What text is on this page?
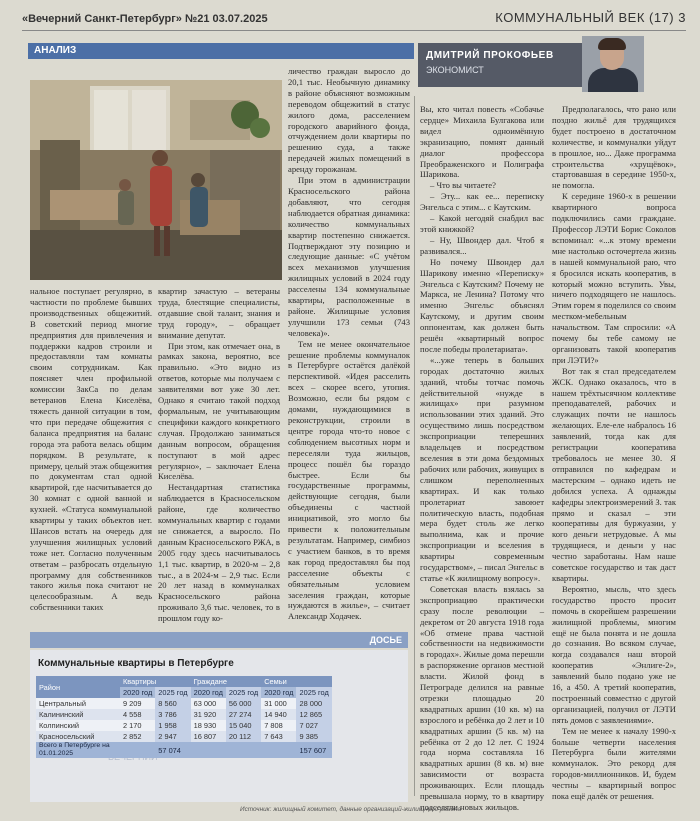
«Вечерний Санкт-Петербург» №21 03.07.2025	КОММУНАЛЬНЫЙ ВЕК (17) 3
АНАЛИЗ	ДМИТРИЙ ПРОКОФЬЕВ
ЭКОНОМИСТ

нальное поступает регулярно, в частности по проблеме бывших производственных общежитий. В советский период многие предприятия для привлечения и поддержки кадров строили и предоставляли там комнаты своим сотрудникам. Как поясняет член профильной комиссии ЗакСа по делам ветеранов Елена Киселёва, тяжесть данной ситуации в том, что при передаче общежития с баланса предприятия на баланс города эта работа велась общим порядком. В результате, к примеру, целый этаж общежития по документам стал одной квартирой, где насчитывается до 30 комнат с одной ванной и кухней. «Статуса коммунальной квартиры у таких объектов нет. Шансов встать на очередь для улучшения жилищных условий тоже нет. Согласно полученным ответам – разбросать отдельную программу для собственников такого жилья пока считают не целесообразным. А ведь собственники таких

квартир зачастую – ветераны труда, блестящие специалисты, отдавшие свой талант, знания и труд городу», – обращает внимание депутат.

При этом, как отмечает она, в рамках закона, вероятно, все правильно. «Это видно из ответов, которые мы получаем с заявителями вот уже 30 лет. Однако я считаю такой подход формальным, не учитывающим специфики каждого конкретного случая. Продолжаю заниматься данным вопросом, обращения поступают в мой адрес регулярно», – заключает Елена Киселёва.

Нестандартная статистика наблюдается в Красносельском районе, где количество коммунальных квартир с годами не снижается, а выросло. По данным Красносельского РЖА, в 2005 году здесь насчитывалось 1,1 тыс. квартир, в 2020-м – 2,8 тыс., а в 2024-м – 2,9 тыс. Если 20 лет назад в коммуналках Красносельского района проживало 3,6 тыс. человек, то в прошлом году ко-

личество граждан выросло до 20,1 тыс. Необычную динамику в районе объясняют возможным переводом общежитий в статус жилого дома, расселением городского аварийного фонда, отчуждением доли квартиры по решению суда, а также передачей жилых помещений в аренду горожанам.

При этом в администрации Красносельского района добавляют, что сегодня наблюдается обратная динамика: количество коммунальных квартир постепенно снижается. Подтверждают эту позицию и следующие данные: «С учётом всех механизмов улучшения жилищных условий в 2024 году расселены 134 коммунальные квартиры, расположенные в районе. Жилищные условия улучшили 173 семьи (743 человека)».

Тем не менее окончательное решение проблемы коммуналок в Петербурге остаётся далёкой перспективой. «Идея расселить всех – скорее всего, утопия. Возможно, если бы рядом с домами, нуждающимися в реконструкции, строили в центре города что-то новое с соблюдением высотных норм и переселяли туда жильцов, процесс пошёл бы гораздо быстрее. Если бы государственные программы, действующие сегодня, были объединены с частной инициативой, это могло бы привести к положительным результатам. Например, симбиоз с участием банков, в то время как город предоставлял бы под расселение объекты с обязательным условием заселения граждан, которые нуждаются в жилье», – считает Александр Ходачек.

Вы, кто читал повесть «Собачье сердце» Михаила Булгакова или видел одноимённую экранизацию, помнят данный диалог профессора Преображенского и Полиграфа Шарикова.

– Что вы читаете?

– Эту... как ее... переписку Энгельса с этим... с Каутским.

– Какой негодяй снабдил вас этой книжкой?

– Ну, Швондер дал. Чтоб я развивался...

Но почему Швондер дал Шарикову именно «Переписку» Энгельса с Каутским? Почему не Маркса, не Ленина? Потому что именно Энгельс объяснял Каутскому, и другим своим оппонентам, как должен быть решён «квартирный вопрос после победы пролетариата».

«...уже теперь в больших городах достаточно жилых зданий, чтобы тотчас помочь действительной «нужде в жилищах» при разумном использовании этих зданий. Это осуществимо лишь посредством экспроприации теперешних владельцев и посредством вселения в эти дома бездомных рабочих или рабочих, живущих в слишком переполненных квартирах. И как только пролетариат завоюет политическую власть, подобная мера будет столь же легко выполнима, как и прочие экспроприации и вселения в квартиры современным государством», – писал Энгельс в статье «К жилищному вопросу».

Советская власть взялась за экспроприацию практически сразу после революции – декретом от 20 августа 1918 года «Об отмене права частной собственности на недвижимости в городах». Жилые дома перешли в распоряжение органов местной власти. Жилой фонд в Петрограде делился на равные отрезки площадью 20 квадратных аршин (10 кв. м) на взрослого и ребёнка до 2 лет и 10 квадратных аршин (5 кв. м) на ребёнка от 2 до 12 лет. С 1924 года норма составляла 16 квадратных аршин (8 кв. м) вне зависимости от возраста проживающих. Если площадь превышала норму, то в квартиру подселяли новых жильцов.

Предполагалось, что рано или поздно жильё для трудящихся будет построено в достаточном количестве, и коммуналки уйдут в прошлое, но... Даже программа строительства «хрущёвок», стартовавшая в середине 1950-х, не помогла.

К середине 1960-х в решении квартирного вопроса подключились сами граждане. Профессор ЛЭТИ Борис Соколов вспоминал: «...к этому времени мне настолько осточертела жизнь в нашей коммунальной раю, что я бросился искать кооператив, в который можно вступить. Увы, ничего подходящего не нашлось. Этим горем я поделился со своим местком-мебельным начальством. Там спросили: «А почему бы тебе самому не организовать такой кооператив при ЛЭТИ?»

Вот так я стал председателем ЖСК. Однако оказалось, что в нашем трёхтысячном коллективе преподавателей, рабочих и служащих почти не нашлось желающих. Еле-еле набралось 16 заявлений, тогда как для регистрации кооператива требовалось не менее 30. Я отправился по кафедрам и мастерским – однако идеть не добился успеха. А однажды кафедры электроизмерений З. так прямо и сказал – эти кооперативы для буржуазии, у кого деньги нетрудовые. А мы трудящиеся, и деньги у нас честно заработаны. Нам наше советское государство и так даст квартиры.

Вероятно, мысль, что здесь государство просто просит помочь в скорейшем разрешении жилищной проблемы, многим ещё не была понята и не дошла до сознания. Во всяком случае, когда создавался наш второй кооператив «Энлиге-2», заявлений было подано уже не 16, а 450. А третий кооператив, построенный совместно с другой организацией, получил от ЛЭТИ пять домов с заявлениями».

Тем не менее к началу 1990-х больше четверти населения Петербурга были жителями коммуналок. Это рекорд для городов-миллионников. И, будем честны – квартирный вопрос пока ещё далёк от решения.

ДОСЬЕ
Коммунальные квартиры в Петербурге
Район	Квартиры		Граждане		Семьи	
	2020 год	2025 год	2020 год	2025 год	2020 год	2025 год
Центральный	9 209	8 560	63 000	56 000	31 000	28 000
Калининский	4 558	3 786	31 920	27 274	14 940	12 865
Колпинский	2 170	1 958	18 930	15 040	7 808	7 027
Красносельский	2 852	2 947	16 807	20 112	7 643	9 385
Всего в Петербурге на 01.01.2025		57 074				157 607
Источник: жилищный комитет, данные организаций-жилищного района
